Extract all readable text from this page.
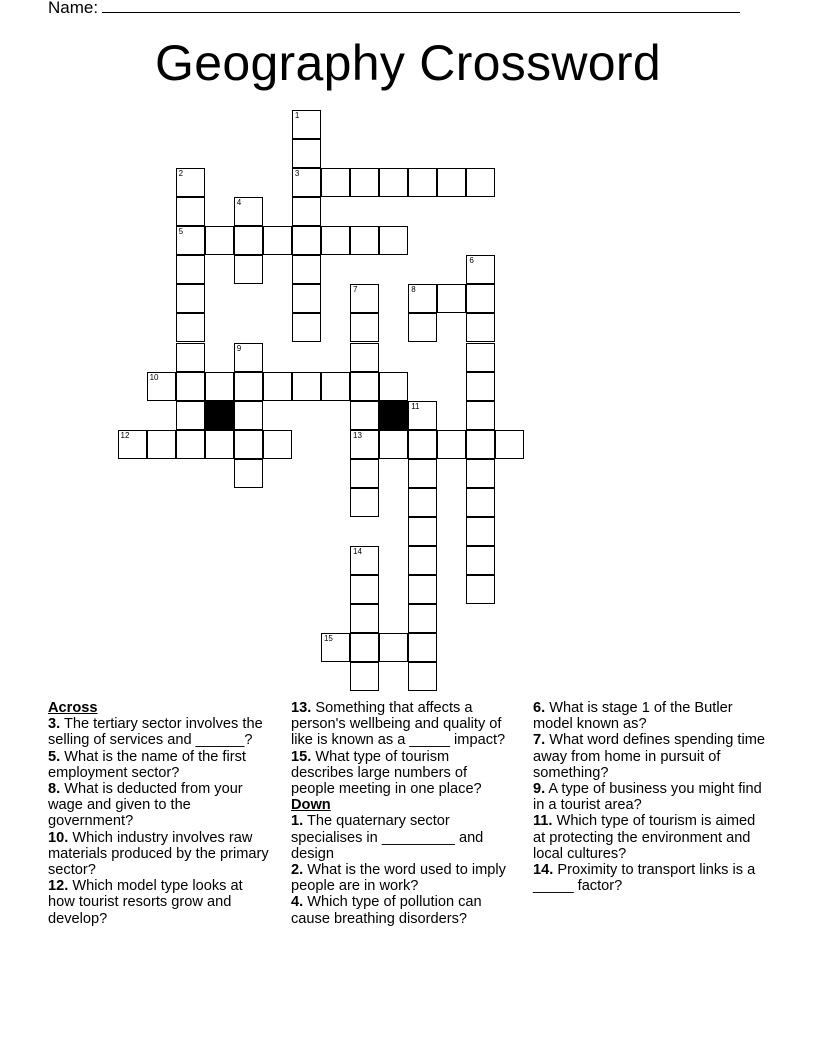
Name:
Geography Crossword
1
3
2
5
4
6
7
13
8
9
10
12
14
15
11
Across
3. The tertiary sector involves the selling of services and ______?
5. What is the name of the first employment sector?
8. What is deducted from your wage and given to the government?
10. Which industry involves raw materials produced by the primary sector?
12. Which model type looks at how tourist resorts grow and develop?
13. Something that affects a person's wellbeing and quality of like is known as a _____ impact?
15. What type of tourism describes large numbers of people meeting in one place?
Down
1. The quaternary sector specialises in _________ and design
2. What is the word used to imply people are in work?
4. Which type of pollution can cause breathing disorders?
6. What is stage 1 of the Butler model known as?
7. What word defines spending time away from home in pursuit of something?
9. A type of business you might find in a tourist area?
11. Which type of tourism is aimed at protecting the environment and local cultures?
14. Proximity to transport links is a _____ factor?
